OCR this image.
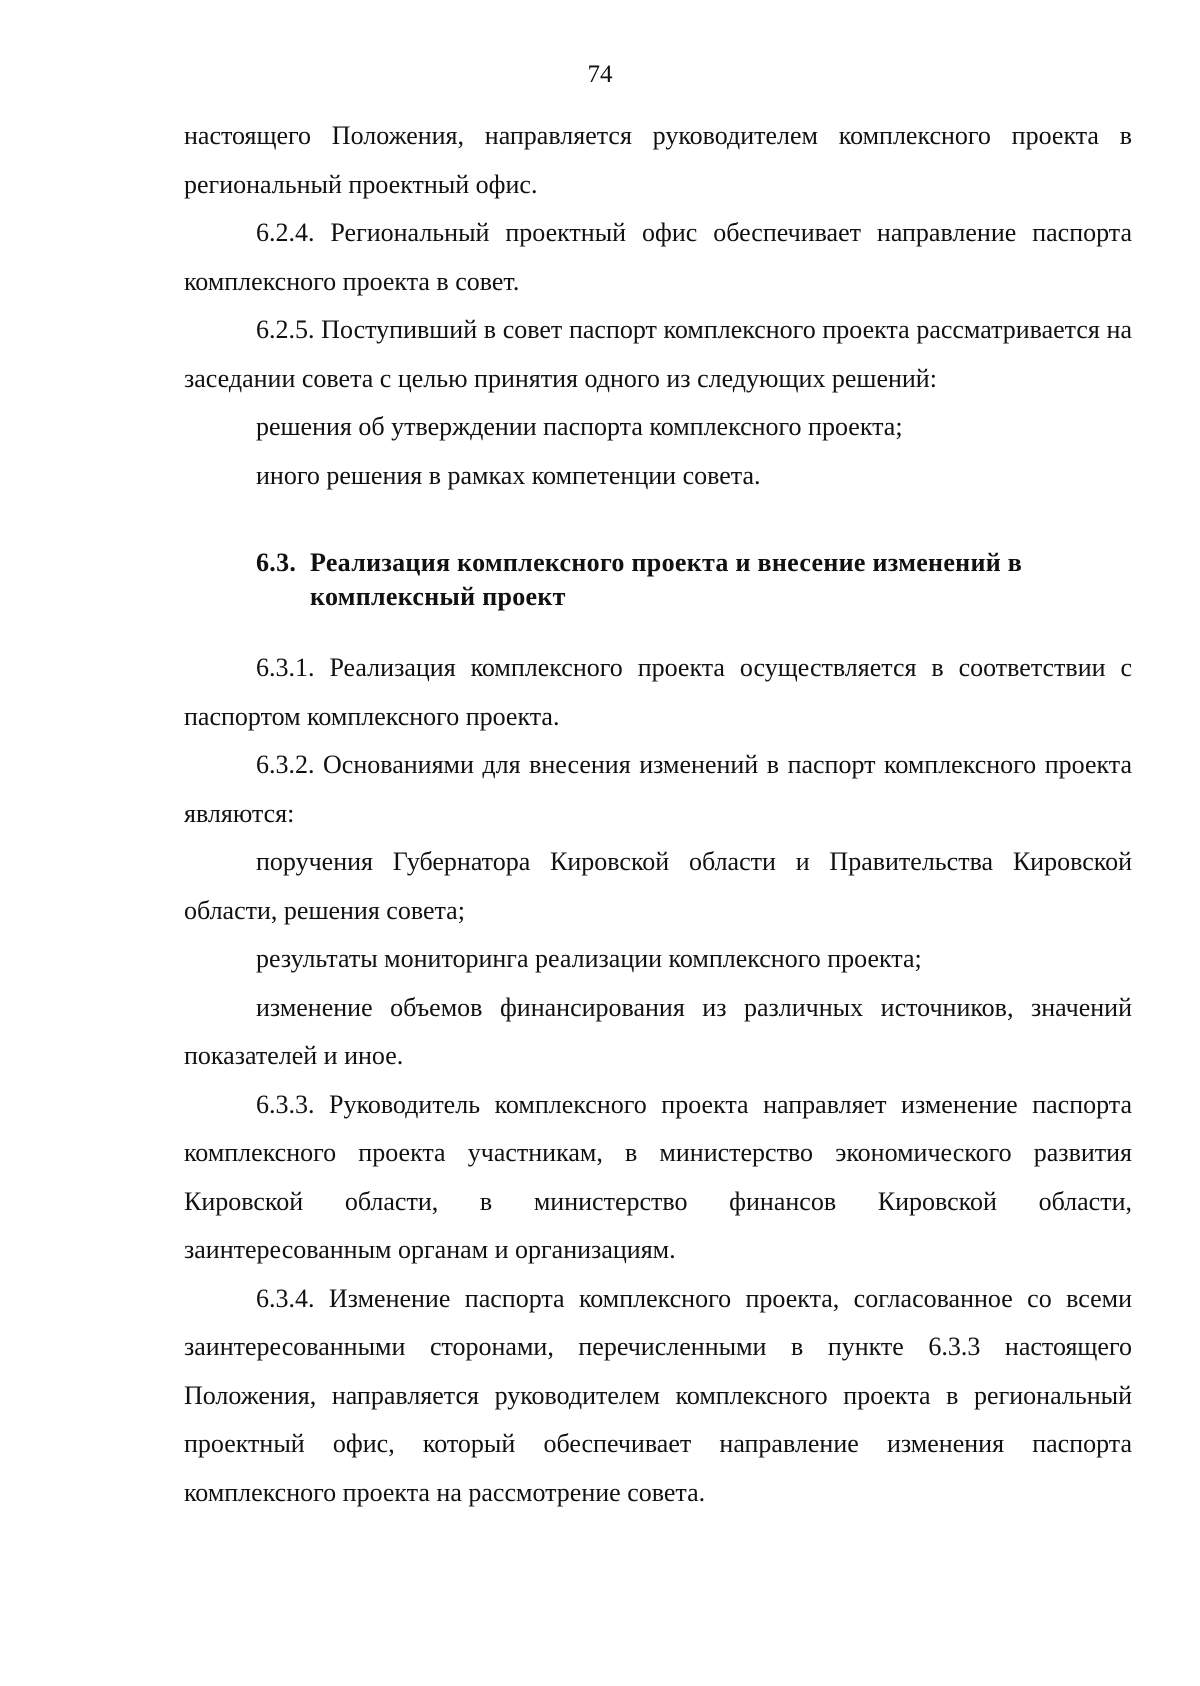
74

настоящего Положения, направляется руководителем комплексного проекта в региональный проектный офис.

6.2.4. Региональный проектный офис обеспечивает направление паспорта комплексного проекта в совет.

6.2.5. Поступивший в совет паспорт комплексного проекта рассматривается на заседании совета с целью принятия одного из следующих решений:

решения об утверждении паспорта комплексного проекта;

иного решения в рамках компетенции совета.

6.3. Реализация комплексного проекта и внесение изменений в
комплексный проект

6.3.1. Реализация комплексного проекта осуществляется в соответствии с паспортом комплексного проекта.

6.3.2. Основаниями для внесения изменений в паспорт комплексного проекта являются:

поручения Губернатора Кировской области и Правительства Кировской области, решения совета;

результаты мониторинга реализации комплексного проекта;

изменение объемов финансирования из различных источников, значений показателей и иное.

6.3.3. Руководитель комплексного проекта направляет изменение паспорта комплексного проекта участникам, в министерство экономического развития Кировской области, в министерство финансов Кировской области, заинтересованным органам и организациям.

6.3.4. Изменение паспорта комплексного проекта, согласованное со всеми заинтересованными сторонами, перечисленными в пункте 6.3.3 настоящего Положения, направляется руководителем комплексного проекта в региональный проектный офис, который обеспечивает направление изменения паспорта комплексного проекта на рассмотрение совета.
